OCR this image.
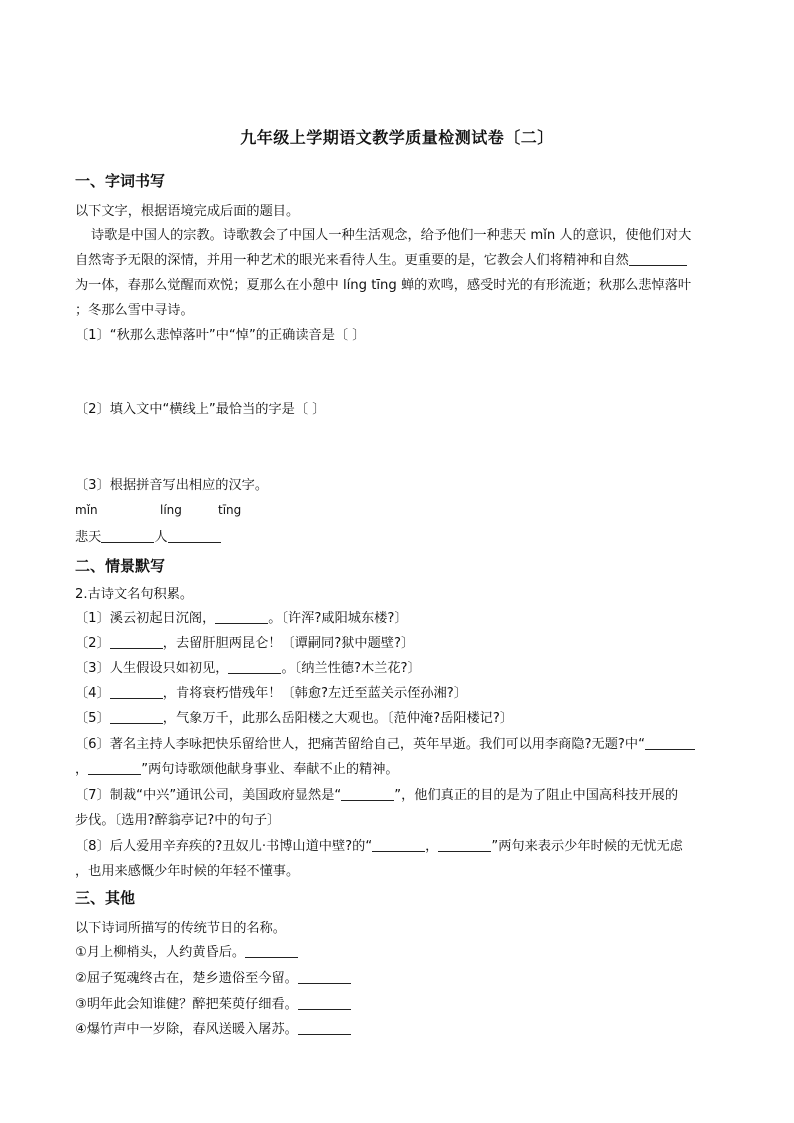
九年级上学期语文教学质量检测试卷〔二〕
一、字词书写
以下文字，根据语境完成后面的题目。
诗歌是中国人的宗教。诗歌教会了中国人一种生活观念，给予他们一种悲天 mǐn 人的意识，使他们对大
自然寄予无限的深情，并用一种艺术的眼光来看待人生。更重要的是，它教会人们将精神和自然
为一体，春那么觉醒而欢悦；夏那么在小憩中 líng tīng 蝉的欢鸣，感受时光的有形流逝；秋那么悲悼落叶
；冬那么雪中寻诗。
〔1〕“秋那么悲悼落叶”中“悼”的正确读音是〔 〕
〔2〕填入文中“横线上”最恰当的字是〔 〕
〔3〕根据拼音写出相应的汉字。
mǐn	líng	tīng
悲天	人
二、情景默写
2.古诗文名句积累。
〔1〕溪云初起日沉阁，	。〔许浑?咸阳城东楼?〕
〔2〕	，去留肝胆两昆仑！〔谭嗣同?狱中题壁?〕
〔3〕人生假设只如初见，	。〔纳兰性德?木兰花?〕
〔4〕	，肯将衰朽惜残年！〔韩愈?左迁至蓝关示侄孙湘?〕
〔5〕	，气象万千，此那么岳阳楼之大观也。〔范仲淹?岳阳楼记?〕
〔6〕著名主持人李咏把快乐留给世人，把痛苦留给自己，英年早逝。我们可以用李商隐?无题?中“
，	”两句诗歌颂他献身事业、奉献不止的精神。
〔7〕制裁“中兴”通讯公司，美国政府显然是“	”，他们真正的目的是为了阻止中国高科技开展的
步伐。〔选用?醉翁亭记?中的句子〕
〔8〕后人爱用辛弃疾的?丑奴儿·书博山道中壁?的“	，	”两句来表示少年时候的无忧无虑
，也用来感慨少年时候的年轻不懂事。
三、其他
以下诗词所描写的传统节日的名称。
①月上柳梢头，人约黄昏后。
②屈子冤魂终古在，楚乡遗俗至今留。
③明年此会知谁健？醉把茱萸仔细看。
④爆竹声中一岁除，春风送暖入屠苏。
